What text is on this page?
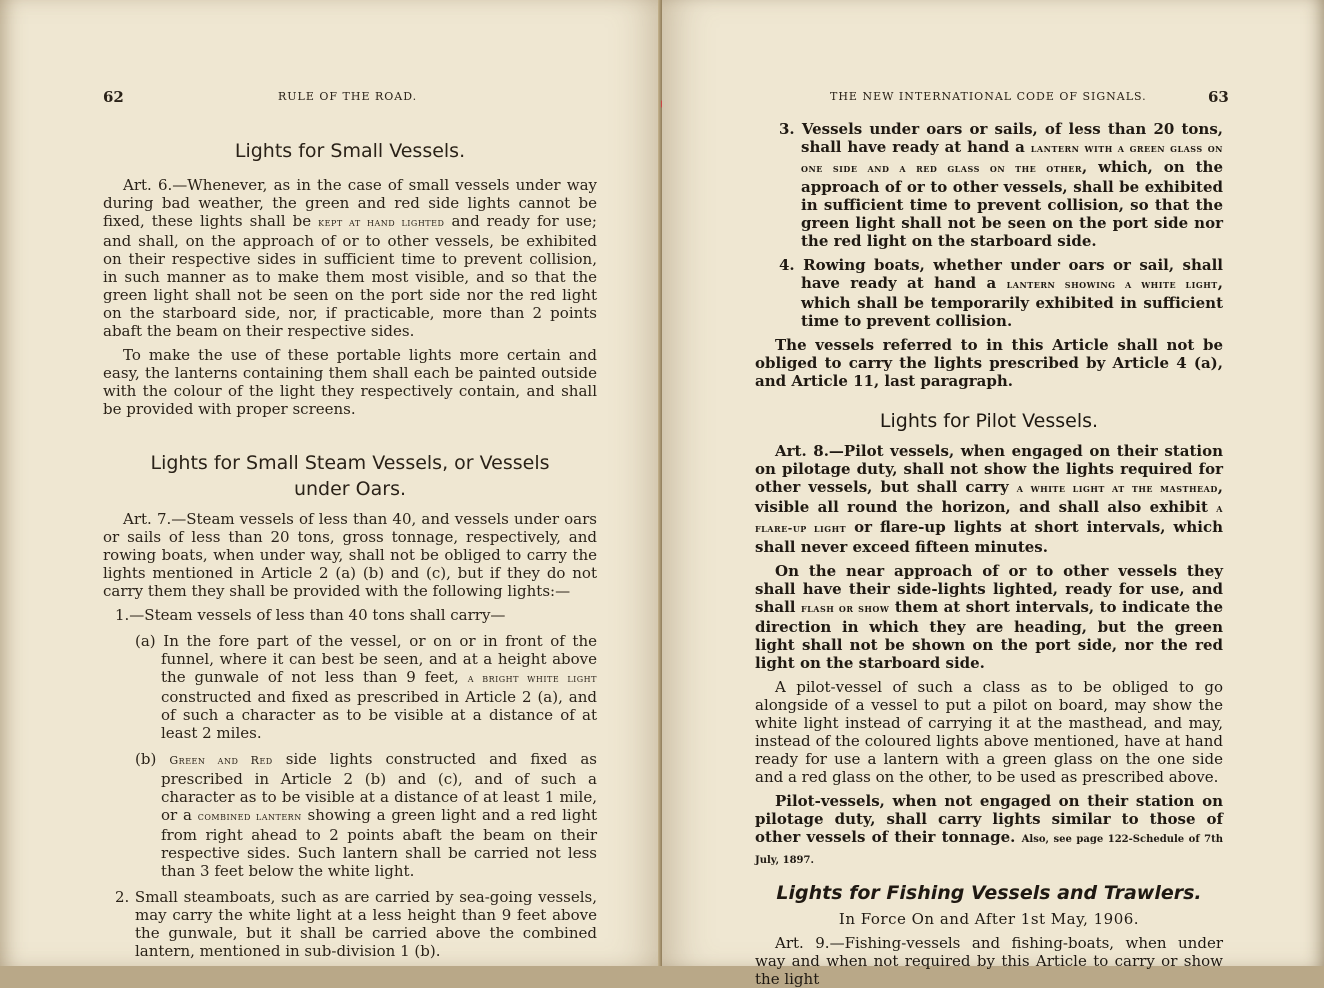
62	RULE OF THE ROAD.
Lights for Small Vessels.

Art. 6.—Whenever, as in the case of small vessels under way during bad weather, the green and red side lights cannot be fixed, these lights shall be kept at hand lighted and ready for use; and shall, on the approach of or to other vessels, be exhibited on their respective sides in sufficient time to prevent collision, in such manner as to make them most visible, and so that the green light shall not be seen on the port side nor the red light on the starboard side, nor, if practicable, more than 2 points abaft the beam on their respective sides.

To make the use of these portable lights more certain and easy, the lanterns containing them shall each be painted outside with the colour of the light they respectively contain, and shall be provided with proper screens.

Lights for Small Steam Vessels, or Vessels
under Oars.

Art. 7.—Steam vessels of less than 40, and vessels under oars or sails of less than 20 tons, gross tonnage, respectively, and rowing boats, when under way, shall not be obliged to carry the lights mentioned in Article 2 (a) (b) and (c), but if they do not carry them they shall be provided with the following lights:—

1.—Steam vessels of less than 40 tons shall carry—
(a) In the fore part of the vessel, or on or in front of the funnel, where it can best be seen, and at a height above the gunwale of not less than 9 feet, a bright white light constructed and fixed as prescribed in Article 2 (a), and of such a character as to be visible at a distance of at least 2 miles.
(b) Green and Red side lights constructed and fixed as prescribed in Article 2 (b) and (c), and of such a character as to be visible at a distance of at least 1 mile, or a combined lantern showing a green light and a red light from right ahead to 2 points abaft the beam on their respective sides. Such lantern shall be carried not less than 3 feet below the white light.
2. Small steamboats, such as are carried by sea-going vessels, may carry the white light at a less height than 9 feet above the gunwale, but it shall be carried above the combined lantern, mentioned in sub-division 1 (b).
THE NEW INTERNATIONAL CODE OF SIGNALS.	63
3. Vessels under oars or sails, of less than 20 tons, shall have ready at hand a lantern with a green glass on one side and a red glass on the other, which, on the approach of or to other vessels, shall be exhibited in sufficient time to prevent collision, so that the green light shall not be seen on the port side nor the red light on the starboard side.
4. Rowing boats, whether under oars or sail, shall have ready at hand a lantern showing a white light, which shall be temporarily exhibited in sufficient time to prevent collision.

The vessels referred to in this Article shall not be obliged to carry the lights prescribed by Article 4 (a), and Article 11, last paragraph.

Lights for Pilot Vessels.

Art. 8.—Pilot vessels, when engaged on their station on pilotage duty, shall not show the lights required for other vessels, but shall carry a white light at the masthead, visible all round the horizon, and shall also exhibit a flare-up light or flare-up lights at short intervals, which shall never exceed fifteen minutes.

On the near approach of or to other vessels they shall have their side-lights lighted, ready for use, and shall flash or show them at short intervals, to indicate the direction in which they are heading, but the green light shall not be shown on the port side, nor the red light on the starboard side.

A pilot-vessel of such a class as to be obliged to go alongside of a vessel to put a pilot on board, may show the white light instead of carrying it at the masthead, and may, instead of the coloured lights above mentioned, have at hand ready for use a lantern with a green glass on the one side and a red glass on the other, to be used as prescribed above.

Pilot-vessels, when not engaged on their station on pilotage duty, shall carry lights similar to those of other vessels of their tonnage. Also, see page 122-Schedule of 7th July, 1897.

Lights for Fishing Vessels and Trawlers.
In Force On and After 1st May, 1906.

Art. 9.—Fishing-vessels and fishing-boats, when under way and when not required by this Article to carry or show the light
